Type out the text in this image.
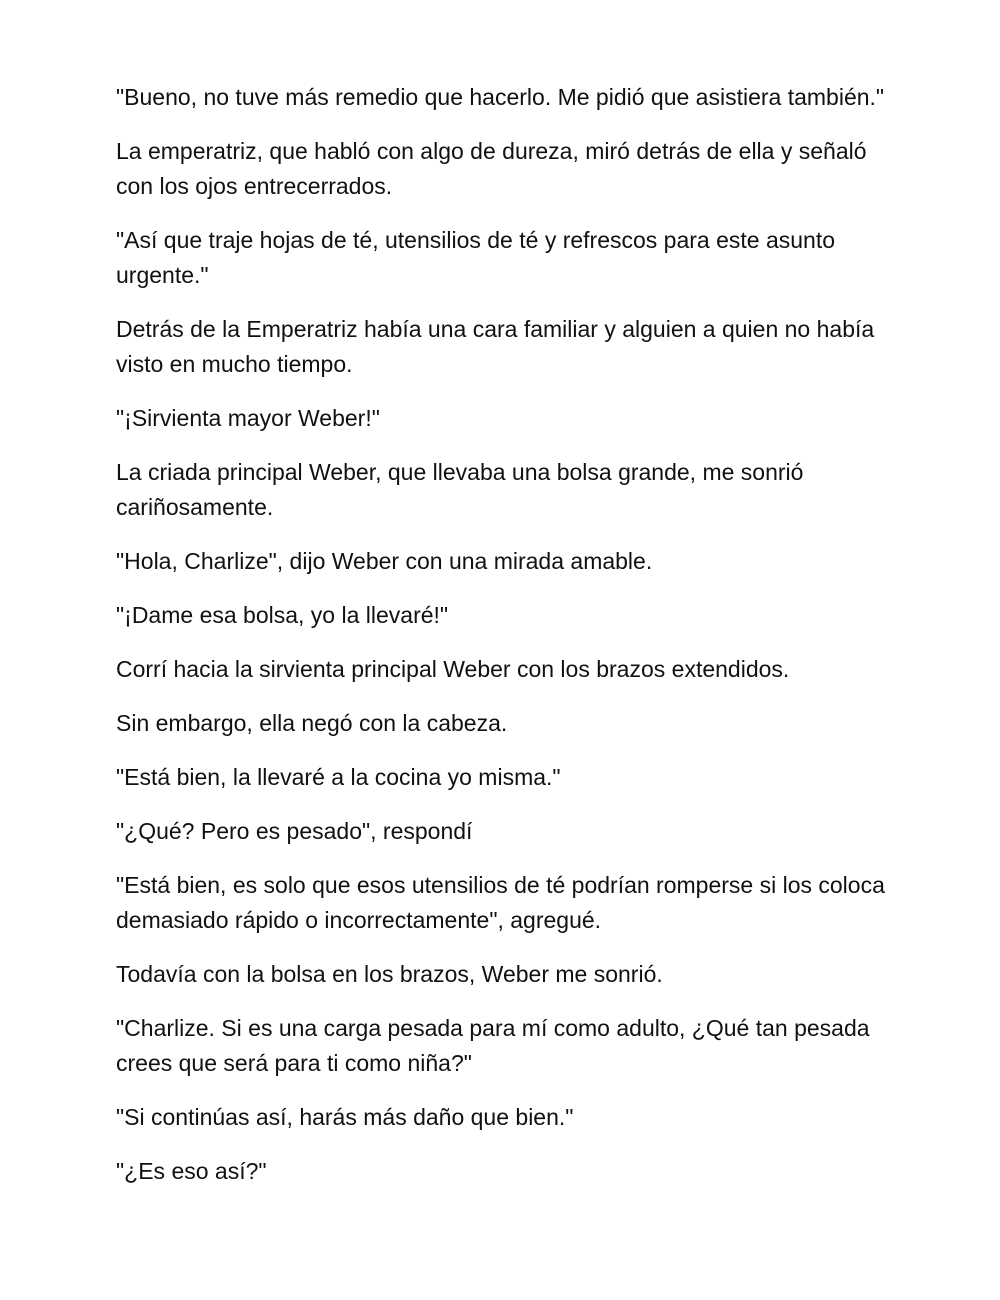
"Bueno, no tuve más remedio que hacerlo. Me pidió que asistiera también."

La emperatriz, que habló con algo de dureza, miró detrás de ella y señaló con los ojos entrecerrados.

"Así que traje hojas de té, utensilios de té y refrescos para este asunto urgente."

Detrás de la Emperatriz había una cara familiar y alguien a quien no había visto en mucho tiempo.

"¡Sirvienta mayor Weber!"

La criada principal Weber, que llevaba una bolsa grande, me sonrió cariñosamente.

"Hola, Charlize", dijo Weber con una mirada amable.

"¡Dame esa bolsa, yo la llevaré!"

Corrí hacia la sirvienta principal Weber con los brazos extendidos.

Sin embargo, ella negó con la cabeza.

"Está bien, la llevaré a la cocina yo misma."

"¿Qué? Pero es pesado", respondí

"Está bien, es solo que esos utensilios de té podrían romperse si los coloca demasiado rápido o incorrectamente", agregué.

Todavía con la bolsa en los brazos, Weber me sonrió.

"Charlize. Si es una carga pesada para mí como adulto, ¿Qué tan pesada crees que será para ti como niña?"

"Si continúas así, harás más daño que bien."

"¿Es eso así?"
